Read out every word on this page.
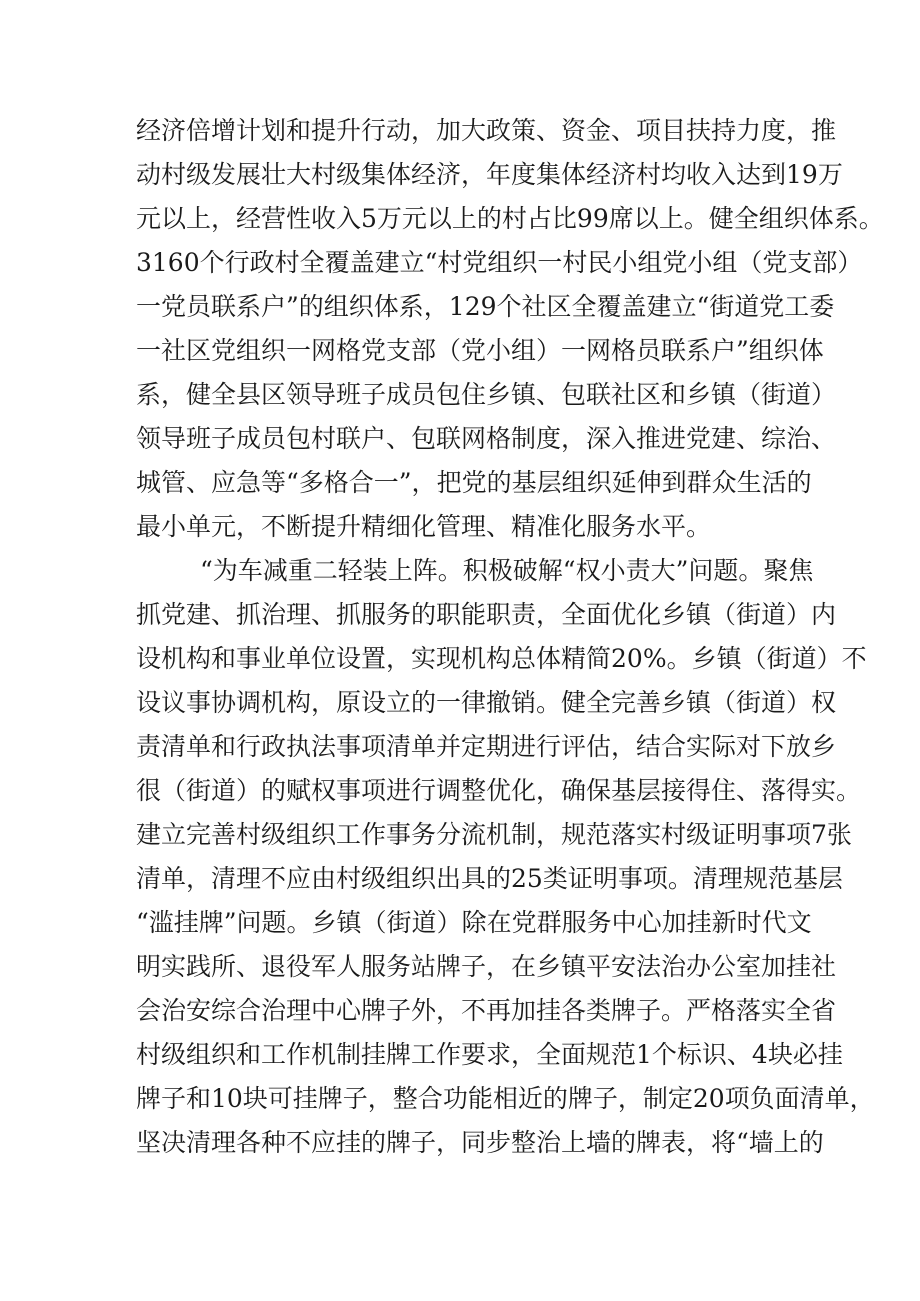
经济倍增计划和提升行动，加大政策、资金、项目扶持力度，推
动村级发展壮大村级集体经济，年度集体经济村均收入达到19万
元以上，经营性收入5万元以上的村占比99席以上。健全组织体系。
3160个行政村全覆盖建立“村党组织一村民小组党小组（党支部）
一党员联系户”的组织体系，129个社区全覆盖建立“街道党工委
一社区党组织一网格党支部（党小组）一网格员联系户”组织体
系，健全县区领导班子成员包住乡镇、包联社区和乡镇（街道）
领导班子成员包村联户、包联网格制度，深入推进党建、综治、
城管、应急等“多格合一”，把党的基层组织延伸到群众生活的
最小单元，不断提升精细化管理、精准化服务水平。
“为车减重二轻装上阵。积极破解“权小责大”问题。聚焦
抓党建、抓治理、抓服务的职能职责，全面优化乡镇（街道）内
设机构和事业单位设置，实现机构总体精简20%。乡镇（街道）不
设议事协调机构，原设立的一律撤销。健全完善乡镇（街道）权
责清单和行政执法事项清单并定期进行评估，结合实际对下放乡
很（街道）的赋权事项进行调整优化，确保基层接得住、落得实。
建立完善村级组织工作事务分流机制，规范落实村级证明事项7张
清单，清理不应由村级组织出具的25类证明事项。清理规范基层
“滥挂牌”问题。乡镇（街道）除在党群服务中心加挂新时代文
明实践所、退役军人服务站牌子，在乡镇平安法治办公室加挂社
会治安综合治理中心牌子外，不再加挂各类牌子。严格落实全省
村级组织和工作机制挂牌工作要求，全面规范1个标识、4块必挂
牌子和10块可挂牌子，整合功能相近的牌子，制定20项负面清单，
坚决清理各种不应挂的牌子，同步整治上墙的牌表，将“墙上的
